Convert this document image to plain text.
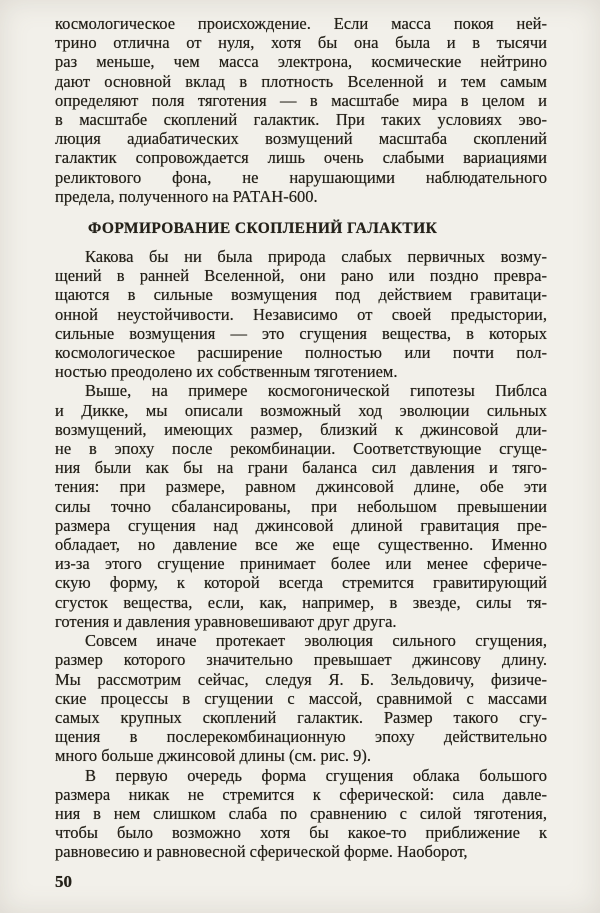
космологическое происхождение. Если масса покоя ней-
трино отлична от нуля, хотя бы она была и в тысячи
раз меньше, чем масса электрона, космические нейтрино
дают основной вклад в плотность Вселенной и тем самым
определяют поля тяготения — в масштабе мира в целом и
в масштабе скоплений галактик. При таких условиях эво-
люция адиабатических возмущений масштаба скоплений
галактик сопровождается лишь очень слабыми вариациями
реликтового фона, не нарушающими наблюдательного
предела, полученного на РАТАН-600.
ФОРМИРОВАНИЕ СКОПЛЕНИЙ ГАЛАКТИК
Какова бы ни была природа слабых первичных возму-
щений в ранней Вселенной, они рано или поздно превра-
щаются в сильные возмущения под действием гравитаци-
онной неустойчивости. Независимо от своей предыстории,
сильные возмущения — это сгущения вещества, в которых
космологическое расширение полностью или почти пол-
ностью преодолено их собственным тяготением.
Выше, на примере космогонической гипотезы Пиблса
и Дикке, мы описали возможный ход эволюции сильных
возмущений, имеющих размер, близкий к джинсовой дли-
не в эпоху после рекомбинации. Соответствующие сгуще-
ния были как бы на грани баланса сил давления и тяго-
тения: при размере, равном джинсовой длине, обе эти
силы точно сбалансированы, при небольшом превышении
размера сгущения над джинсовой длиной гравитация пре-
обладает, но давление все же еще существенно. Именно
из-за этого сгущение принимает более или менее сфериче-
скую форму, к которой всегда стремится гравитирующий
сгусток вещества, если, как, например, в звезде, силы тя-
готения и давления уравновешивают друг друга.
Совсем иначе протекает эволюция сильного сгущения,
размер которого значительно превышает джинсову длину.
Мы рассмотрим сейчас, следуя Я. Б. Зельдовичу, физиче-
ские процессы в сгущении с массой, сравнимой с массами
самых крупных скоплений галактик. Размер такого сгу-
щения в послерекомбинационную эпоху действительно
много больше джинсовой длины (см. рис. 9).
В первую очередь форма сгущения облака большого
размера никак не стремится к сферической: сила давле-
ния в нем слишком слаба по сравнению с силой тяготения,
чтобы было возможно хотя бы какое-то приближение к
равновесию и равновесной сферической форме. Наоборот,
50
